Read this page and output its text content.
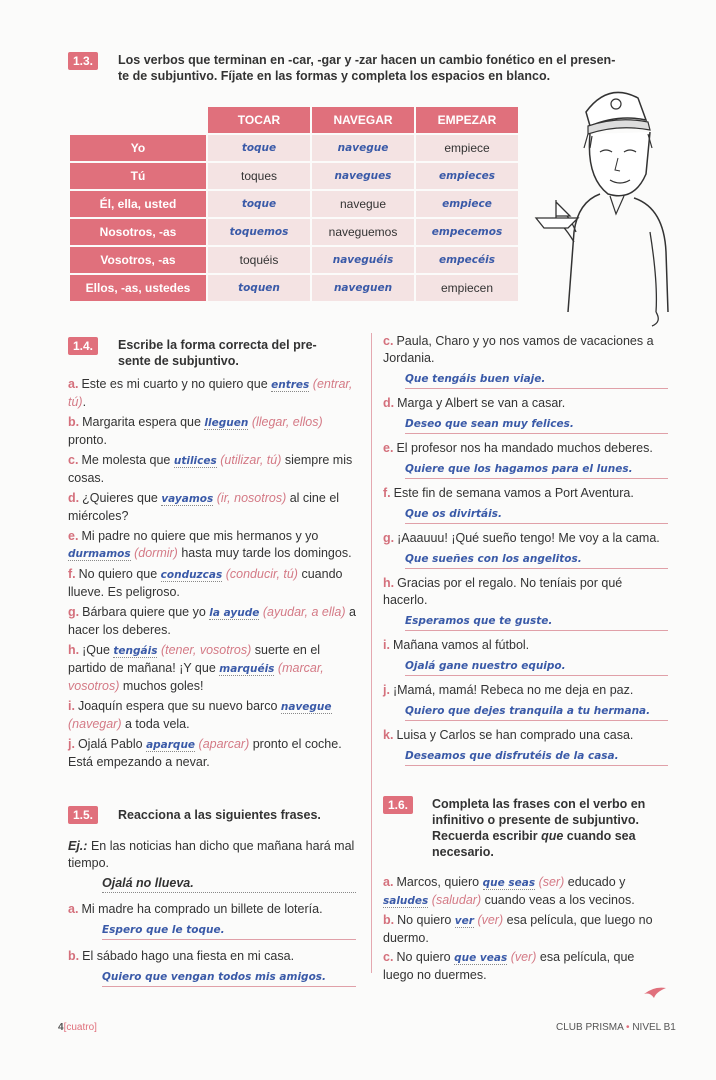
1.3.	Los verbos que terminan en -car, -gar y -zar hacen un cambio fonético en el presen-
te de subjuntivo. Fíjate en las formas y completa los espacios en blanco.
	TOCAR	NAVEGAR	EMPEZAR
Yo	toque	navegue	empiece
Tú	toques	navegues	empieces
Él, ella, usted	toque	navegue	empiece
Nosotros, -as	toquemos	naveguemos	empecemos
Vosotros, -as	toquéis	naveguéis	empecéis
Ellos, -as, ustedes	toquen	naveguen	empiecen
1.4.	Escribe la forma correcta del pre-
sente de subjuntivo.
a. Este es mi cuarto y no quiero que entres (entrar, tú).
b. Margarita espera que lleguen (llegar, ellos) pronto.
c. Me molesta que utilices (utilizar, tú) siempre mis cosas.
d. ¿Quieres que vayamos (ir, nosotros) al cine el miércoles?
e. Mi padre no quiere que mis hermanos y yo durmamos (dormir) hasta muy tarde los domingos.
f. No quiero que conduzcas (conducir, tú) cuando llueve. Es peligroso.
g. Bárbara quiere que yo la ayude (ayudar, a ella) a hacer los deberes.
h. ¡Que tengáis (tener, vosotros) suerte en el partido de mañana! ¡Y que marquéis (marcar, vosotros) muchos goles!
i. Joaquín espera que su nuevo barco navegue (navegar) a toda vela.
j. Ojalá Pablo aparque (aparcar) pronto el coche. Está empezando a nevar.
c. Paula, Charo y yo nos vamos de vacaciones a Jordania.
Que tengáis buen viaje.
d. Marga y Albert se van a casar.
Deseo que sean muy felices.
e. El profesor nos ha mandado muchos deberes.
Quiere que los hagamos para el lunes.
f. Este fin de semana vamos a Port Aventura.
Que os divirtáis.
g. ¡Aaauuu! ¡Qué sueño tengo! Me voy a la cama.
Que sueñes con los angelitos.
h. Gracias por el regalo. No teníais por qué hacerlo.
Esperamos que te guste.
i. Mañana vamos al fútbol.
Ojalá gane nuestro equipo.
j. ¡Mamá, mamá! Rebeca no me deja en paz.
Quiero que dejes tranquila a tu hermana.
k. Luisa y Carlos se han comprado una casa.
Deseamos que disfrutéis de la casa.
1.5.	Reacciona a las siguientes frases.
Ej.: En las noticias han dicho que mañana hará mal tiempo.
Ojalá no llueva.
a. Mi madre ha comprado un billete de lotería.
Espero que le toque.
b. El sábado hago una fiesta en mi casa.
Quiero que vengan todos mis amigos.
1.6.	Completa las frases con el verbo en
infinitivo o presente de subjuntivo.
Recuerda escribir que cuando sea
necesario.
a. Marcos, quiero que seas (ser) educado y saludes (saludar) cuando veas a los vecinos.
b. No quiero ver (ver) esa película, que luego no duermo.
c. No quiero que veas (ver) esa película, que luego no duermes.
4[cuatro]	CLUB PRISMA • NIVEL B1
